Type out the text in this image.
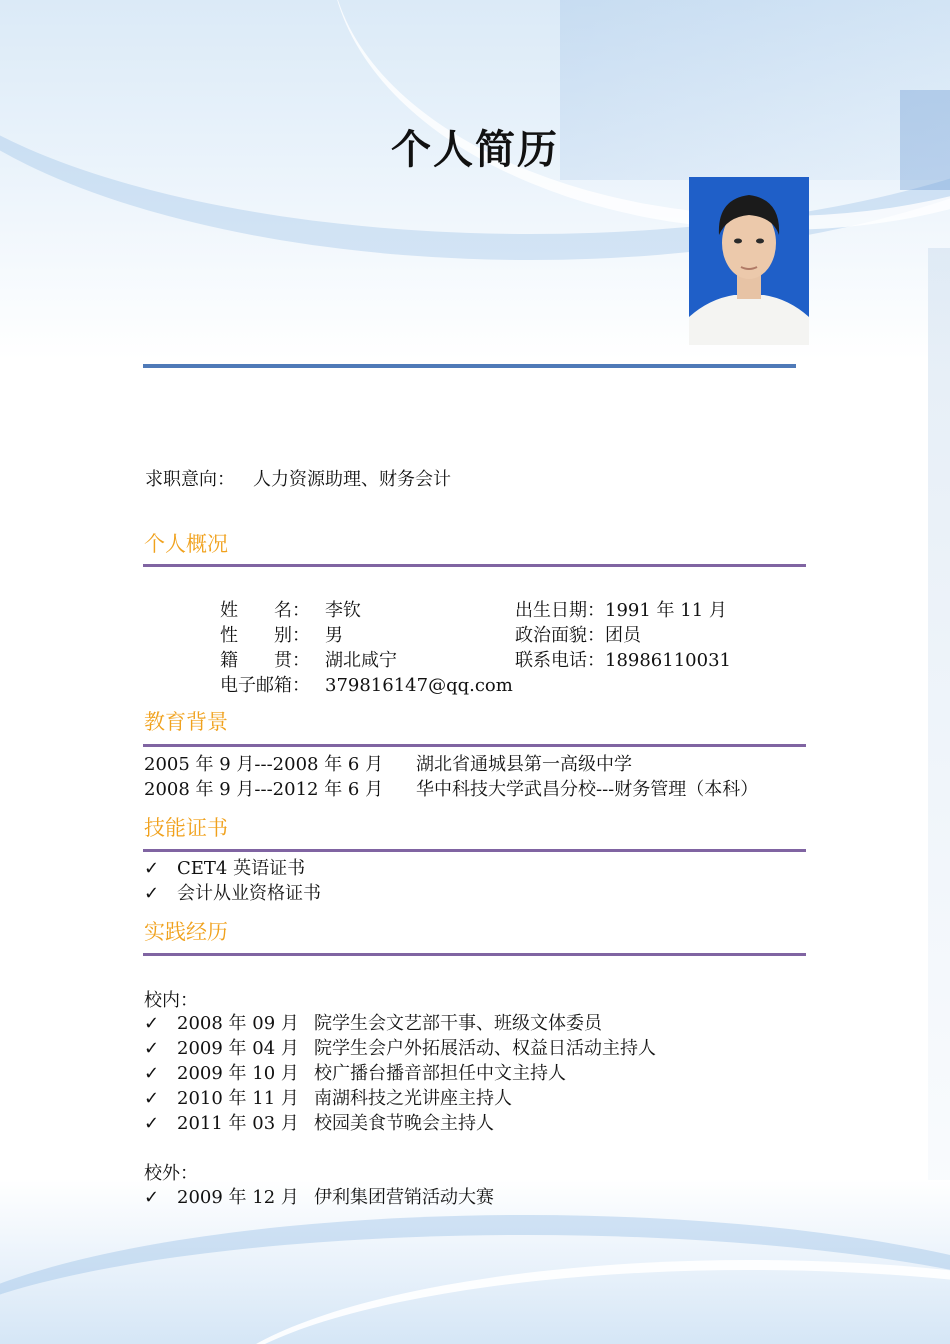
个人简历
求职意向： 人力资源助理、财务会计
个人概况
姓　　名： 李钦
性　　别： 男
籍　　贯： 湖北咸宁
电子邮箱： 379816147@qq.com
出生日期：1991 年 11 月
政治面貌：团员
联系电话：18986110031
教育背景
2005 年 9 月---2008 年 6 月 湖北省通城县第一高级中学
2008 年 9 月---2012 年 6 月 华中科技大学武昌分校---财务管理（本科）
技能证书
✓ CET4 英语证书
✓ 会计从业资格证书
实践经历
校内：
✓ 2008 年 09 月 院学生会文艺部干事、班级文体委员
✓ 2009 年 04 月 院学生会户外拓展活动、权益日活动主持人
✓ 2009 年 10 月 校广播台播音部担任中文主持人
✓ 2010 年 11 月 南湖科技之光讲座主持人
✓ 2011 年 03 月 校园美食节晚会主持人
校外：
✓ 2009 年 12 月 伊利集团营销活动大赛
